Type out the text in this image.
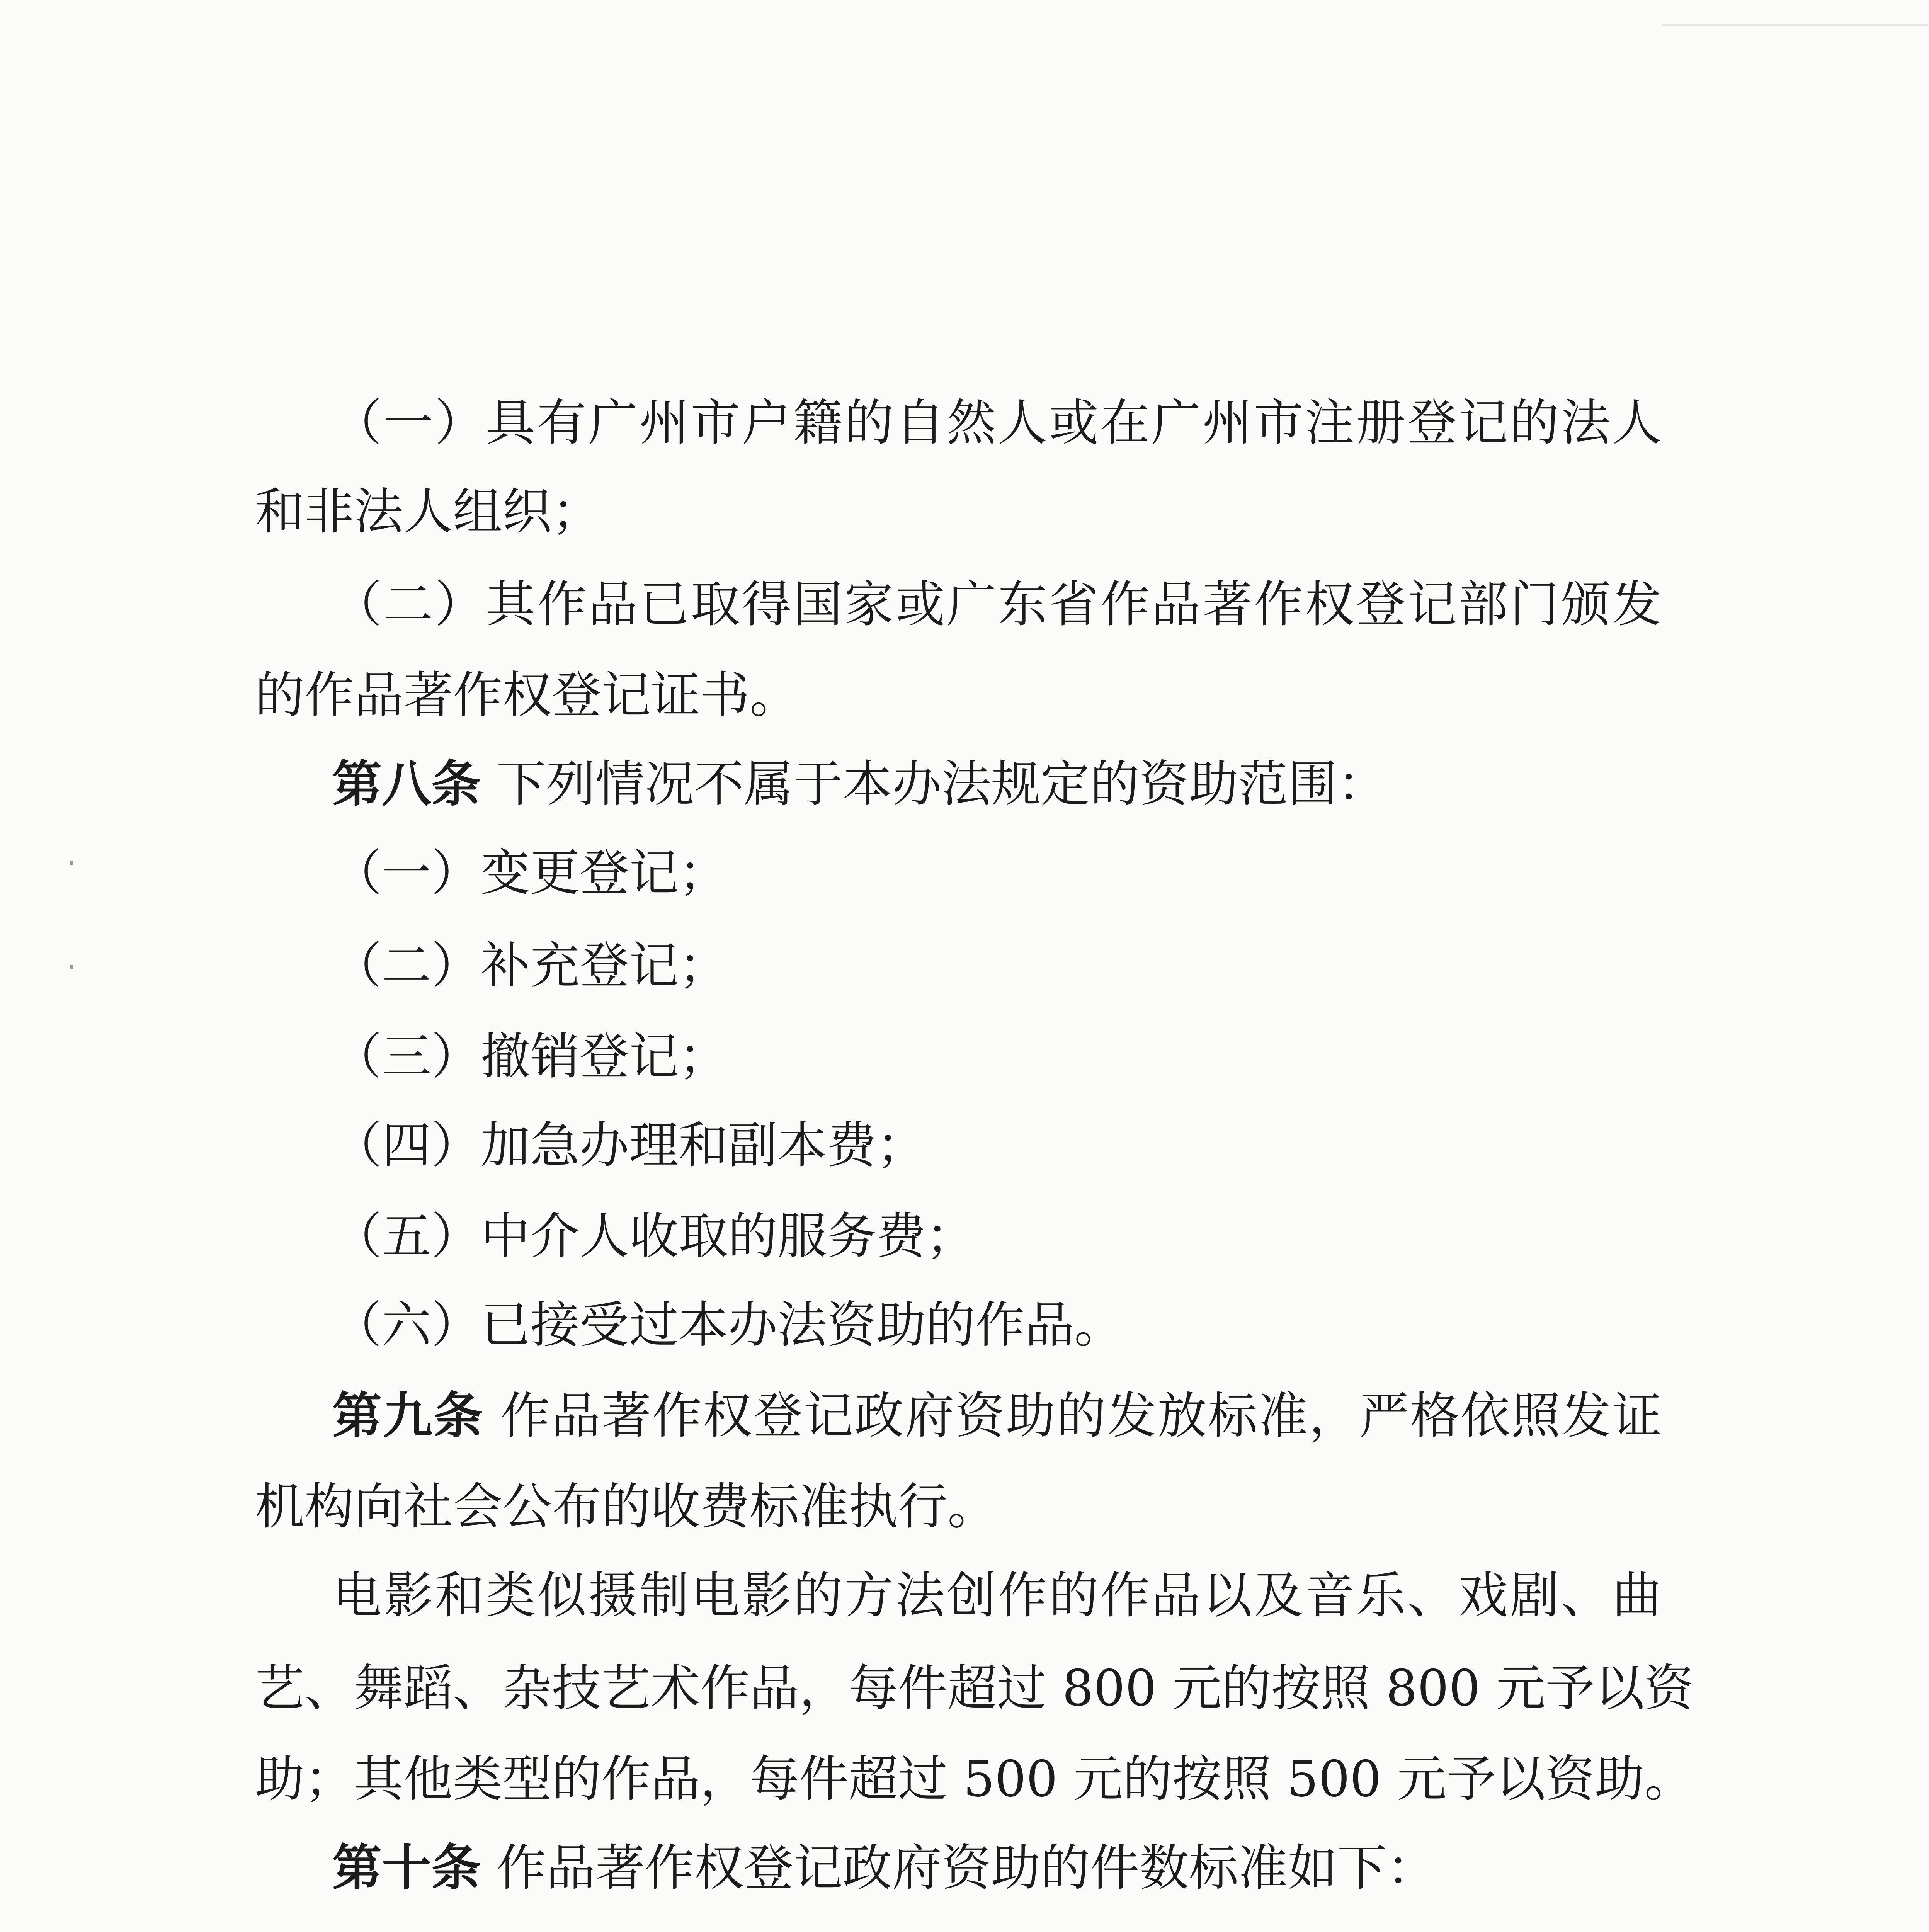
（一）具有广州市户籍的自然人或在广州市注册登记的法人
和非法人组织；
（二）其作品已取得国家或广东省作品著作权登记部门颁发
的作品著作权登记证书。
第八条 下列情况不属于本办法规定的资助范围：
（一）变更登记；
（二）补充登记；
（三）撤销登记；
（四）加急办理和副本费；
（五）中介人收取的服务费；
（六）已接受过本办法资助的作品。
第九条 作品著作权登记政府资助的发放标准，严格依照发证
机构向社会公布的收费标准执行。
电影和类似摄制电影的方法创作的作品以及音乐、戏剧、曲
艺、舞蹈、杂技艺术作品，每件超过 800 元的按照 800 元予以资
助；其他类型的作品，每件超过 500 元的按照 500 元予以资助。
第十条 作品著作权登记政府资助的件数标准如下：
